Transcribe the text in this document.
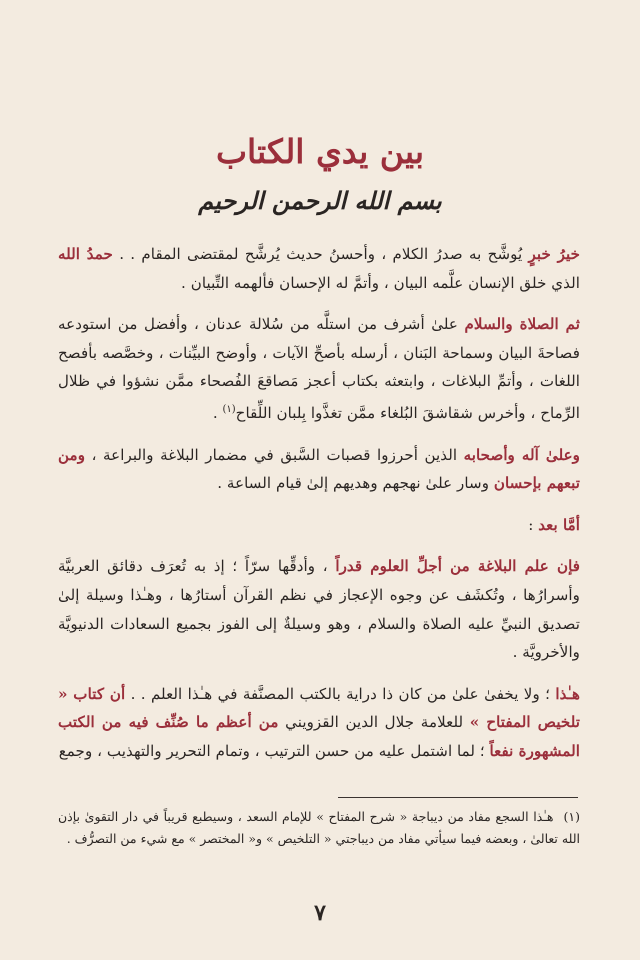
بين يدي الكتاب
بسم الله الرحمن الرحيم

خيرُ خبرٍ يُوشَّح به صدرُ الكلام ، وأحسنُ حديث يُرشَّح لمقتضى المقام . . حمدُ الله الذي خلق الإنسان علَّمه البيان ، وأتمَّ له الإحسان فألهمه التِّبيان .

ثم الصلاة والسلام علىٰ أشرف من استلَّه من سُلالة عدنان ، وأفضل من استودعه فصاحةَ البيان وسماحة البَنان ، أرسله بأصحِّ الآيات ، وأوضح البيِّنات ، وخصَّصه بأفصح اللغات ، وأتمِّ البلاغات ، وابتعثه بكتاب أعجز مَصاقعَ الفُصحاء ممَّن نشؤوا في ظلال الرِّماح ، وأخرس شقاشقَ البُلغاء ممَّن تغذَّوا بِلبان اللِّقاح$^{(١)}$ .

وعلىٰ آله وأصحابه الذين أحرزوا قصبات السَّبق في مضمار البلاغة والبراعة ، ومن تبعهم بإحسان وسار علىٰ نهجهم وهديهم إلىٰ قيام الساعة .

أمَّا بعد :

فإن علم البلاغة من أجلِّ العلوم قدراً ، وأدقِّها سرّاً ؛ إذ به تُعرَف دقائق العربيَّة وأسرارُها ، وتُكشَف عن وجوه الإعجاز في نظم القرآن أستارُها ، وهـٰذا وسيلة إلىٰ تصديق النبيِّ عليه الصلاة والسلام ، وهو وسيلةٌ إلى الفوز بجميع السعادات الدنيويَّة والأخرويَّة .

هـٰذا ؛ ولا يخفىٰ علىٰ من كان ذا دراية بالكتب المصنَّفة في هـٰذا العلم . . أن كتاب « تلخيص المفتاح » للعلامة جلال الدين القزويني من أعظم ما صُنِّف فيه من الكتب المشهورة نفعاً ؛ لما اشتمل عليه من حسن الترتيب ، وتمام التحرير والتهذيب ، وجمع

(١)هـٰذا السجع مفاد من ديباجة « شرح المفتاح » للإمام السعد ، وسيطبع قريباً في دار التقوىٰ بإذن الله تعالىٰ ، وبعضه فيما سيأتي مفاد من ديباجتي « التلخيص » و« المختصر » مع شيء من التصرُّف .
٧
